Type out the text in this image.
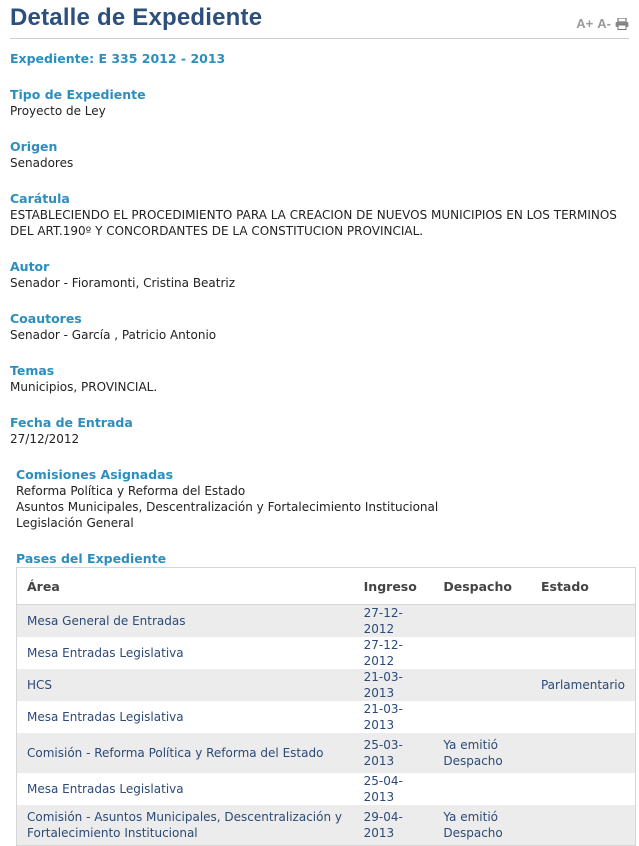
Detalle de Expediente	A+ A-
Expediente: E 335 2012 - 2013
Tipo de Expediente
Proyecto de Ley
Origen
Senadores
Carátula
ESTABLECIENDO EL PROCEDIMIENTO PARA LA CREACION DE NUEVOS MUNICIPIOS EN LOS TERMINOS DEL ART.190º Y CONCORDANTES DE LA CONSTITUCION PROVINCIAL.
Autor
Senador - Fioramonti, Cristina Beatriz
Coautores
Senador - García , Patricio Antonio
Temas
Municipios, PROVINCIAL.
Fecha de Entrada
27/12/2012
Comisiones Asignadas
Reforma Política y Reforma del Estado
Asuntos Municipales, Descentralización y Fortalecimiento Institucional
Legislación General
Pases del Expediente
Área	Ingreso	Despacho	Estado
Mesa General de Entradas	27-12-2012		
Mesa Entradas Legislativa	27-12-2012		
HCS	21-03-2013		Parlamentario
Mesa Entradas Legislativa	21-03-2013		
Comisión - Reforma Política y Reforma del Estado	25-03-2013	Ya emitió Despacho	
Mesa Entradas Legislativa	25-04-2013		
Comisión - Asuntos Municipales, Descentralización y Fortalecimiento Institucional	29-04-2013	Ya emitió Despacho	
